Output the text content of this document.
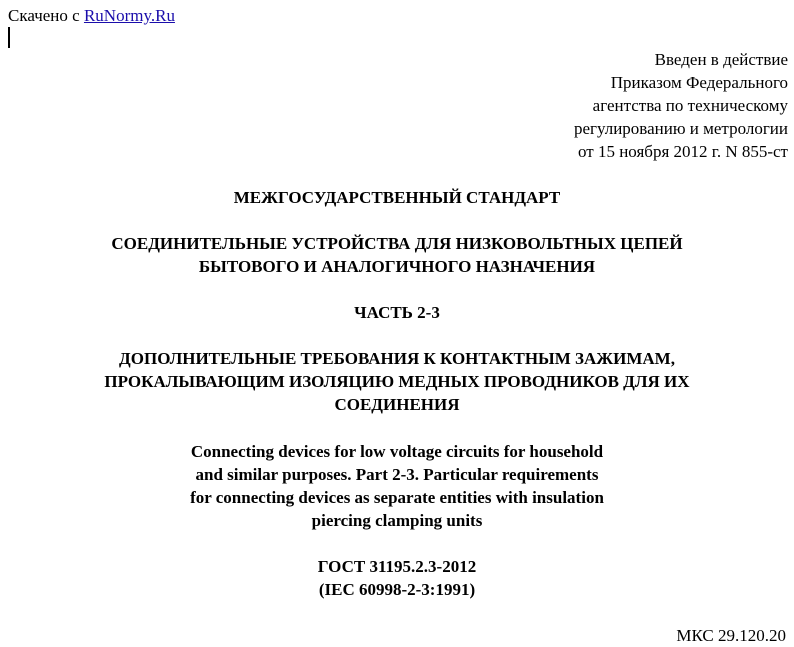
Скачено с RuNormy.Ru
Введен в действие
Приказом Федерального
агентства по техническому
регулированию и метрологии
от 15 ноября 2012 г. N 855-ст
МЕЖГОСУДАРСТВЕННЫЙ СТАНДАРТ
СОЕДИНИТЕЛЬНЫЕ УСТРОЙСТВА ДЛЯ НИЗКОВОЛЬТНЫХ ЦЕПЕЙ
БЫТОВОГО И АНАЛОГИЧНОГО НАЗНАЧЕНИЯ
ЧАСТЬ 2-3
ДОПОЛНИТЕЛЬНЫЕ ТРЕБОВАНИЯ К КОНТАКТНЫМ ЗАЖИМАМ,
ПРОКАЛЫВАЮЩИМ ИЗОЛЯЦИЮ МЕДНЫХ ПРОВОДНИКОВ ДЛЯ ИХ
СОЕДИНЕНИЯ
Connecting devices for low voltage circuits for household
and similar purposes. Part 2-3. Particular requirements
for connecting devices as separate entities with insulation
piercing clamping units
ГОСТ 31195.2.3-2012
(IEC 60998-2-3:1991)
МКС 29.120.20
